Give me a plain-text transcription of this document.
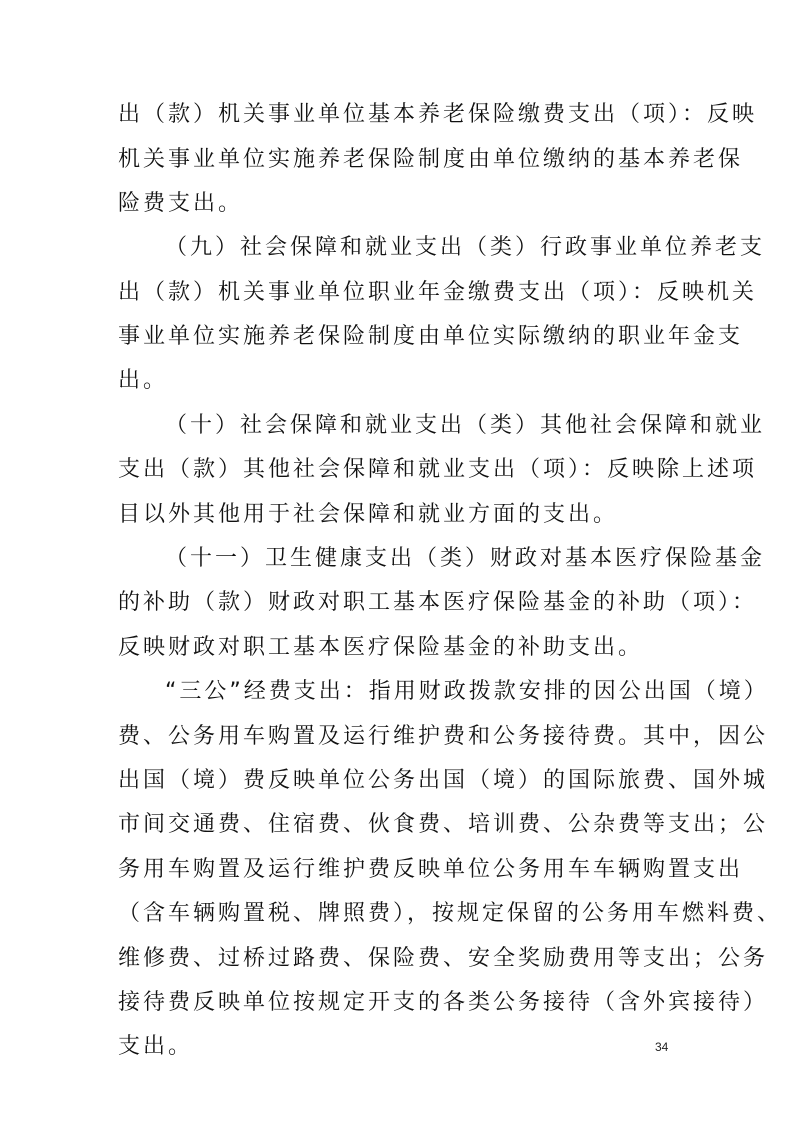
出（款）机关事业单位基本养老保险缴费支出（项）：反映
机关事业单位实施养老保险制度由单位缴纳的基本养老保
险费支出。
（九）社会保障和就业支出（类）行政事业单位养老支
出（款）机关事业单位职业年金缴费支出（项）：反映机关
事业单位实施养老保险制度由单位实际缴纳的职业年金支
出。
（十）社会保障和就业支出（类）其他社会保障和就业
支出（款）其他社会保障和就业支出（项）：反映除上述项
目以外其他用于社会保障和就业方面的支出。
（十一）卫生健康支出（类）财政对基本医疗保险基金
的补助（款）财政对职工基本医疗保险基金的补助（项）：
反映财政对职工基本医疗保险基金的补助支出。
“三公”经费支出：指用财政拨款安排的因公出国（境）
费、公务用车购置及运行维护费和公务接待费。其中，因公
出国（境）费反映单位公务出国（境）的国际旅费、国外城
市间交通费、住宿费、伙食费、培训费、公杂费等支出；公
务用车购置及运行维护费反映单位公务用车车辆购置支出
（含车辆购置税、牌照费），按规定保留的公务用车燃料费、
维修费、过桥过路费、保险费、安全奖励费用等支出；公务
接待费反映单位按规定开支的各类公务接待（含外宾接待）
支出。	34
